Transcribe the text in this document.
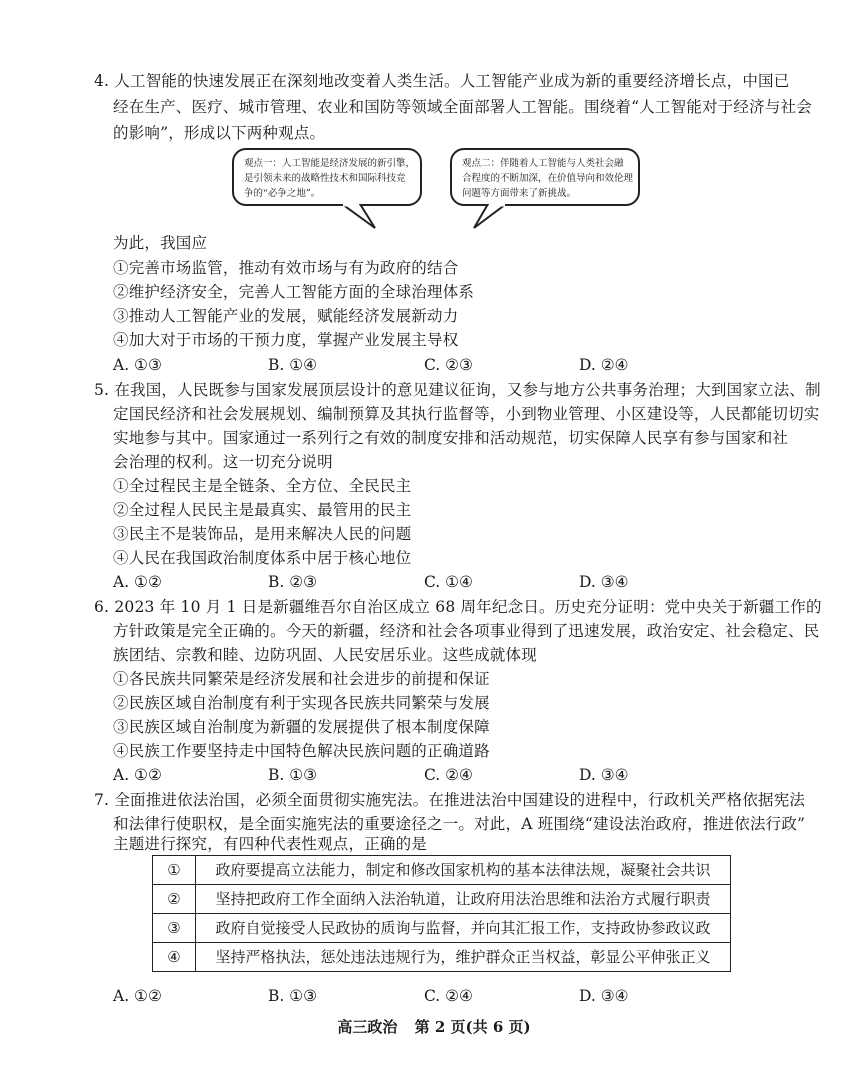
4. 人工智能的快速发展正在深刻地改变着人类生活。人工智能产业成为新的重要经济增长点，中国已
经在生产、医疗、城市管理、农业和国防等领域全面部署人工智能。围绕着“人工智能对于经济与社会
的影响”，形成以下两种观点。
观点一：人工智能是经济发展的新引擎，
是引领未来的战略性技术和国际科技竞
争的“必争之地”。
观点二：伴随着人工智能与人类社会融
合程度的不断加深，在价值导向和效伦理
问题等方面带来了新挑战。
为此，我国应
①完善市场监管，推动有效市场与有为政府的结合
②维护经济安全，完善人工智能方面的全球治理体系
③推动人工智能产业的发展，赋能经济发展新动力
④加大对于市场的干预力度，掌握产业发展主导权
A. ①③	B. ①④	C. ②③	D. ②④
5. 在我国，人民既参与国家发展顶层设计的意见建议征询，又参与地方公共事务治理；大到国家立法、制
定国民经济和社会发展规划、编制预算及其执行监督等，小到物业管理、小区建设等，人民都能切切实
实地参与其中。国家通过一系列行之有效的制度安排和活动规范，切实保障人民享有参与国家和社
会治理的权利。这一切充分说明
①全过程民主是全链条、全方位、全民民主
②全过程人民民主是最真实、最管用的民主
③民主不是装饰品，是用来解决人民的问题
④人民在我国政治制度体系中居于核心地位
A. ①②	B. ②③	C. ①④	D. ③④
6. 2023 年 10 月 1 日是新疆维吾尔自治区成立 68 周年纪念日。历史充分证明：党中央关于新疆工作的
方针政策是完全正确的。今天的新疆，经济和社会各项事业得到了迅速发展，政治安定、社会稳定、民
族团结、宗教和睦、边防巩固、人民安居乐业。这些成就体现
①各民族共同繁荣是经济发展和社会进步的前提和保证
②民族区域自治制度有利于实现各民族共同繁荣与发展
③民族区域自治制度为新疆的发展提供了根本制度保障
④民族工作要坚持走中国特色解决民族问题的正确道路
A. ①②	B. ①③	C. ②④	D. ③④
7. 全面推进依法治国，必须全面贯彻实施宪法。在推进法治中国建设的进程中，行政机关严格依据宪法
和法律行使职权，是全面实施宪法的重要途径之一。对此，A 班围绕“建设法治政府，推进依法行政”
主题进行探究，有四种代表性观点，正确的是
①	政府要提高立法能力，制定和修改国家机构的基本法律法规，凝聚社会共识
②	坚持把政府工作全面纳入法治轨道，让政府用法治思维和法治方式履行职责
③	政府自觉接受人民政协的质询与监督，并向其汇报工作，支持政协参政议政
④	坚持严格执法，惩处违法违规行为，维护群众正当权益，彰显公平伸张正义
A. ①②	B. ①③	C. ②④	D. ③④
高三政治 第 2 页(共 6 页)
